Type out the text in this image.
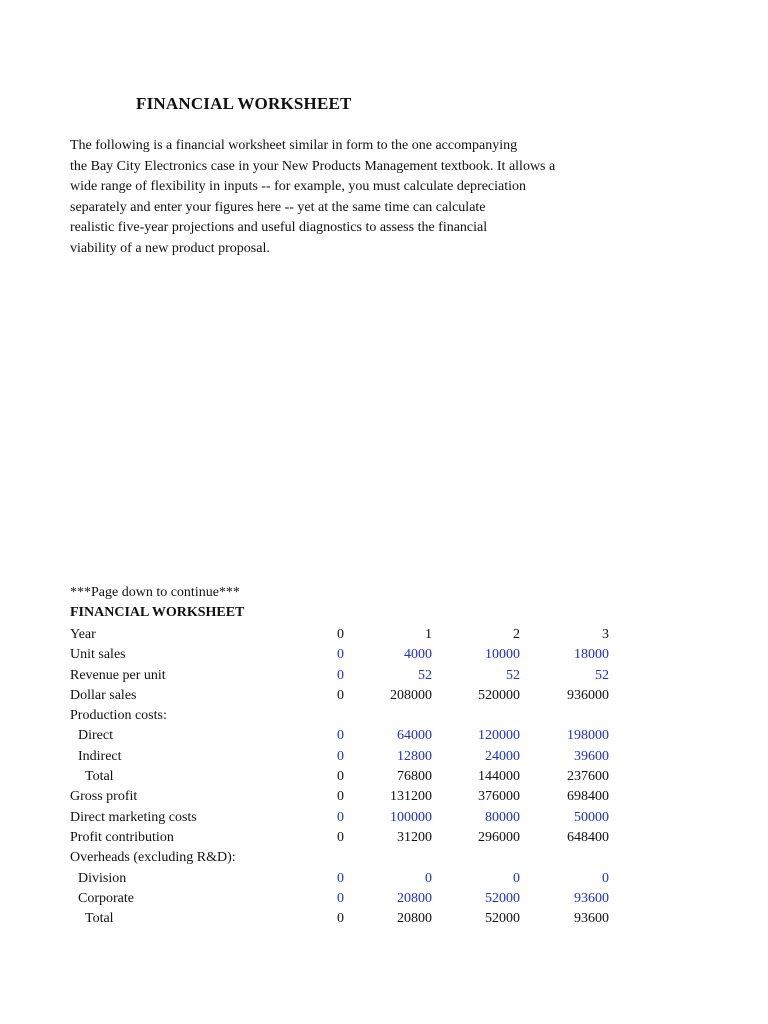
FINANCIAL WORKSHEET
The following is a financial worksheet similar in form to the one accompanying
the Bay City Electronics case in your New Products Management textbook. It allows a
wide range of flexibility in inputs -- for example, you must calculate depreciation
separately and enter your figures here -- yet at the same time can calculate
realistic five-year projections and useful diagnostics to assess the financial
viability of a new product proposal.
***Page down to continue***
FINANCIAL WORKSHEET
Year	0	1	2	3
Unit sales	0	4000	10000	18000
Revenue per unit	0	52	52	52
Dollar sales	0	208000	520000	936000
Production costs:
Direct	0	64000	120000	198000
Indirect	0	12800	24000	39600
Total	0	76800	144000	237600
Gross profit	0	131200	376000	698400
Direct marketing costs	0	100000	80000	50000
Profit contribution	0	31200	296000	648400
Overheads (excluding R&D):
Division	0	0	0	0
Corporate	0	20800	52000	93600
Total	0	20800	52000	93600
